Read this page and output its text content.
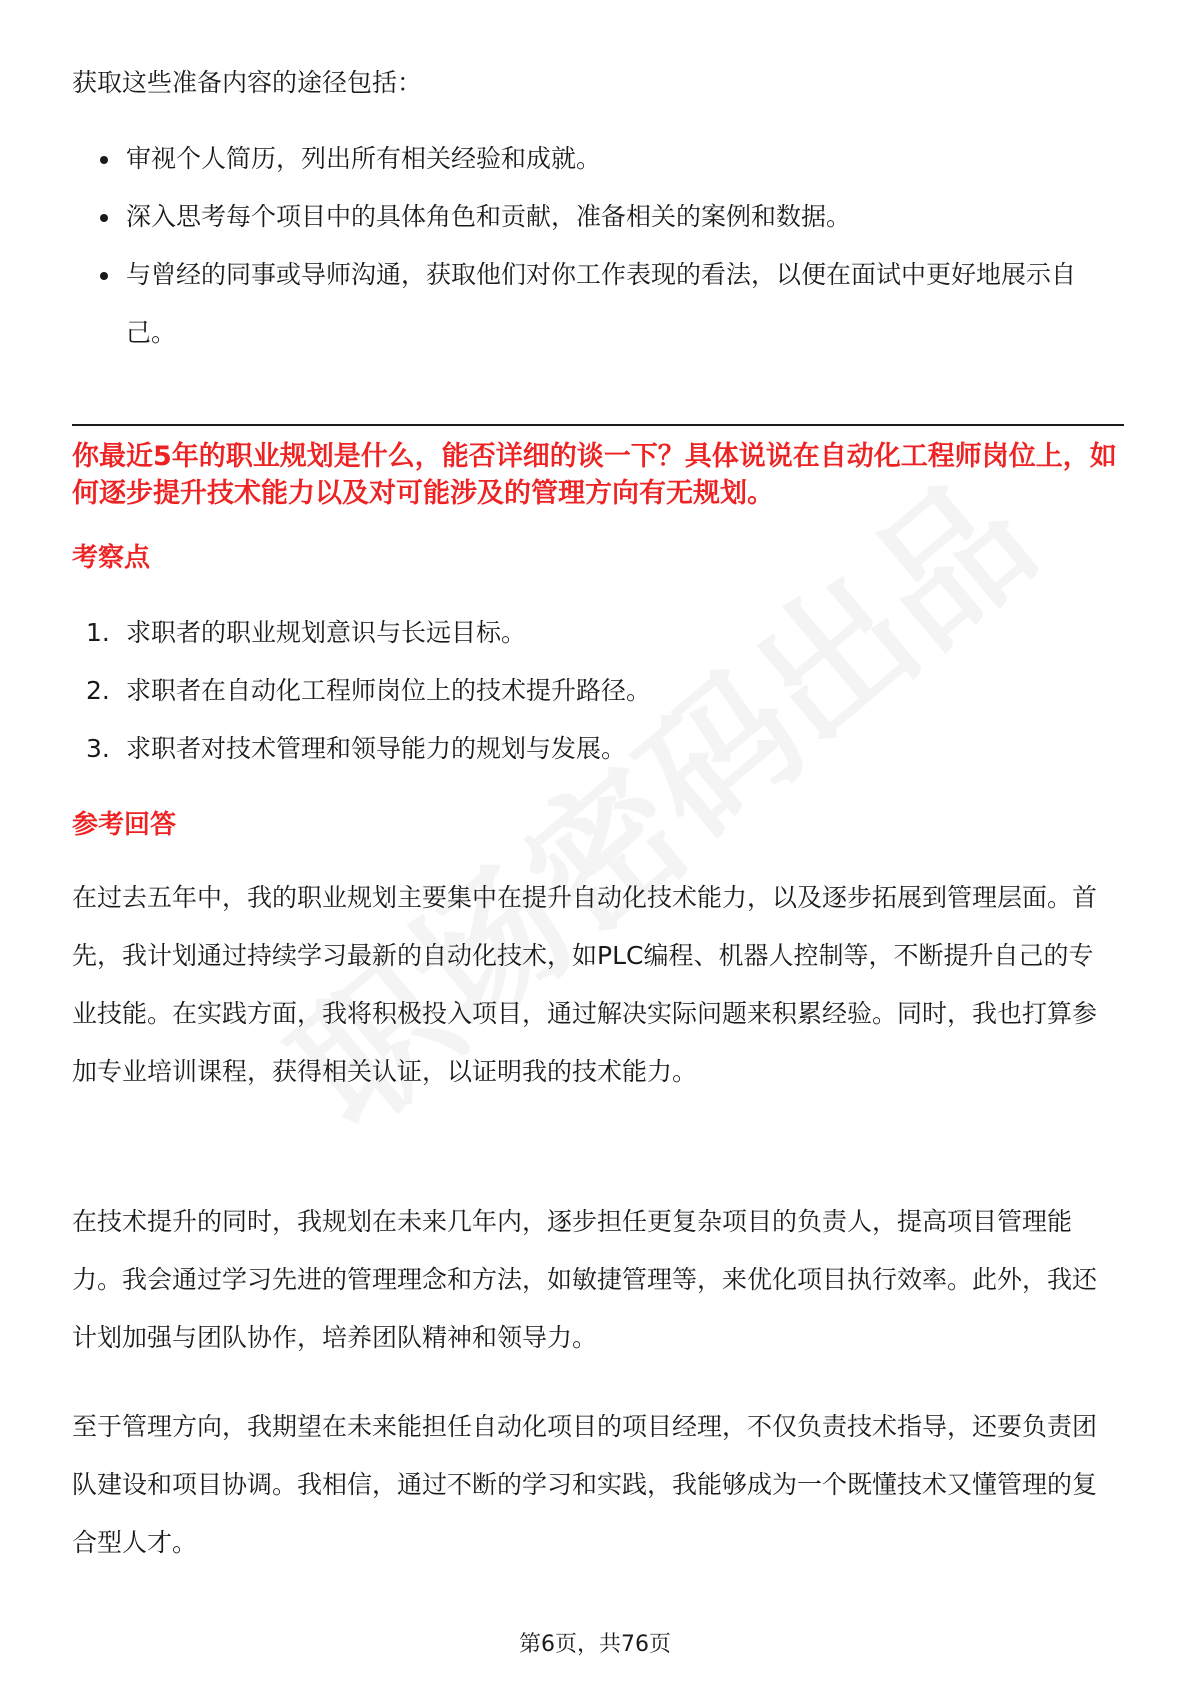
获取这些准备内容的途径包括：

审视个人简历，列出所有相关经验和成就。
深入思考每个项目中的具体角色和贡献，准备相关的案例和数据。
与曾经的同事或导师沟通，获取他们对你工作表现的看法，以便在面试中更好地展示自己。

你最近5年的职业规划是什么，能否详细的谈一下？具体说说在自动化工程师岗位上，如何逐步提升技术能力以及对可能涉及的管理方向有无规划。

考察点
1. 求职者的职业规划意识与长远目标。
2. 求职者在自动化工程师岗位上的技术提升路径。
3. 求职者对技术管理和领导能力的规划与发展。
参考回答

在过去五年中，我的职业规划主要集中在提升自动化技术能力，以及逐步拓展到管理层面。首先，我计划通过持续学习最新的自动化技术，如PLC编程、机器人控制等，不断提升自己的专业技能。在实践方面，我将积极投入项目，通过解决实际问题来积累经验。同时，我也打算参加专业培训课程，获得相关认证，以证明我的技术能力。

在技术提升的同时，我规划在未来几年内，逐步担任更复杂项目的负责人，提高项目管理能力。我会通过学习先进的管理理念和方法，如敏捷管理等，来优化项目执行效率。此外，我还计划加强与团队协作，培养团队精神和领导力。

至于管理方向，我期望在未来能担任自动化项目的项目经理，不仅负责技术指导，还要负责团队建设和项目协调。我相信，通过不断的学习和实践，我能够成为一个既懂技术又懂管理的复合型人才。

第6页，共76页
